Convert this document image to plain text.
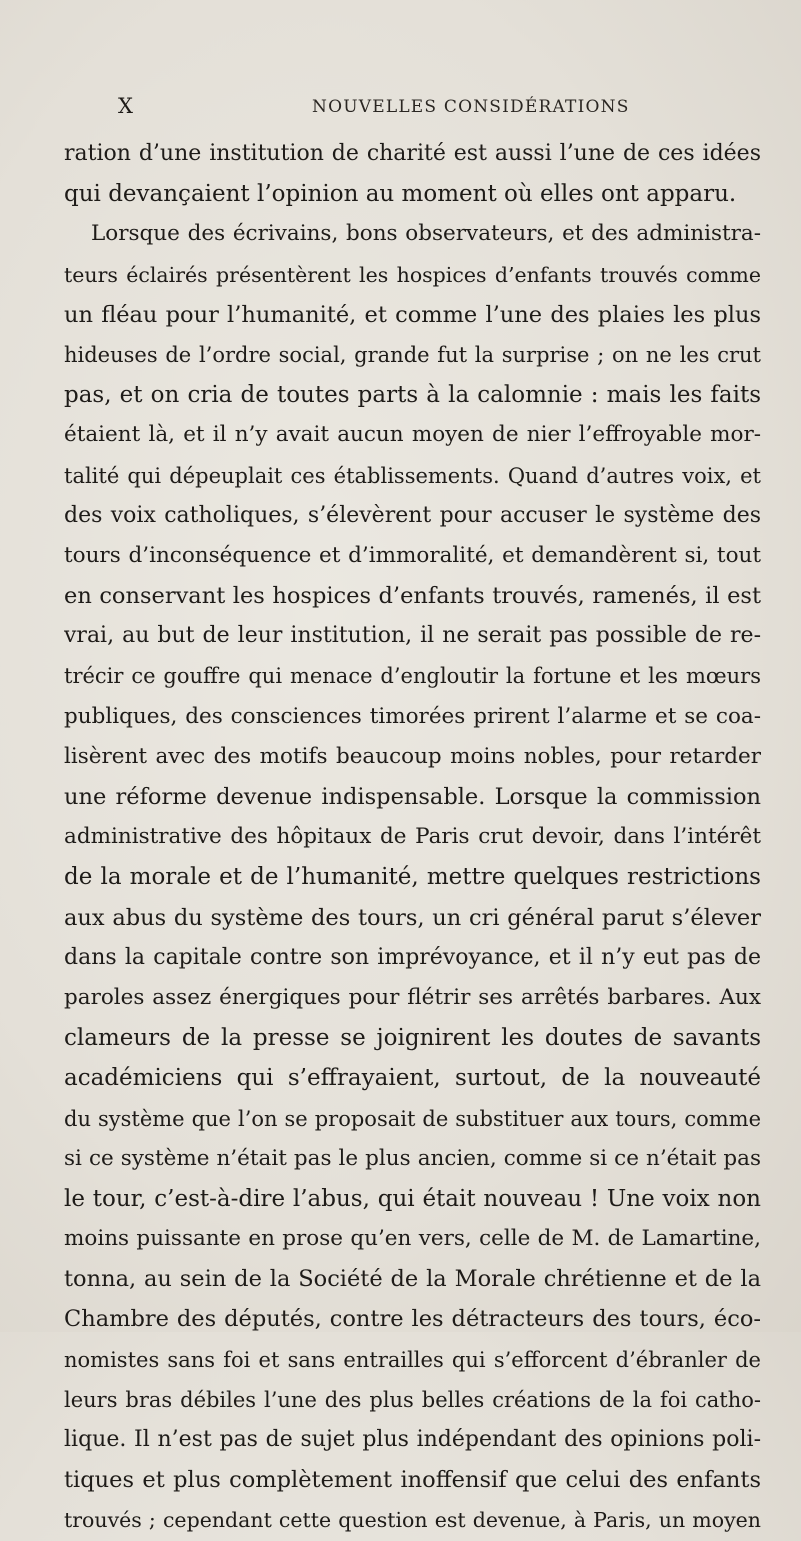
X	NOUVELLES CONSIDÉRATIONS
ration d’une institution de charité est aussi l’une de ces idées
qui devançaient l’opinion au moment où elles ont apparu.
Lorsque des écrivains, bons observateurs, et des administra-
teurs éclairés présentèrent les hospices d’enfants trouvés comme
un fléau pour l’humanité, et comme l’une des plaies les plus
hideuses de l’ordre social, grande fut la surprise ; on ne les crut
pas, et on cria de toutes parts à la calomnie : mais les faits
étaient là, et il n’y avait aucun moyen de nier l’effroyable mor-
talité qui dépeuplait ces établissements. Quand d’autres voix, et
des voix catholiques, s’élevèrent pour accuser le système des
tours d’inconséquence et d’immoralité, et demandèrent si, tout
en conservant les hospices d’enfants trouvés, ramenés, il est
vrai, au but de leur institution, il ne serait pas possible de re-
trécir ce gouffre qui menace d’engloutir la fortune et les mœurs
publiques, des consciences timorées prirent l’alarme et se coa-
lisèrent avec des motifs beaucoup moins nobles, pour retarder
une réforme devenue indispensable. Lorsque la commission
administrative des hôpitaux de Paris crut devoir, dans l’intérêt
de la morale et de l’humanité, mettre quelques restrictions
aux abus du système des tours, un cri général parut s’élever
dans la capitale contre son imprévoyance, et il n’y eut pas de
paroles assez énergiques pour flétrir ses arrêtés barbares. Aux
clameurs de la presse se joignirent les doutes de savants
académiciens qui s’effrayaient, surtout, de la nouveauté
du système que l’on se proposait de substituer aux tours, comme
si ce système n’était pas le plus ancien, comme si ce n’était pas
le tour, c’est-à-dire l’abus, qui était nouveau ! Une voix non
moins puissante en prose qu’en vers, celle de M. de Lamartine,
tonna, au sein de la Société de la Morale chrétienne et de la
Chambre des députés, contre les détracteurs des tours, éco-
nomistes sans foi et sans entrailles qui s’efforcent d’ébranler de
leurs bras débiles l’une des plus belles créations de la foi catho-
lique. Il n’est pas de sujet plus indépendant des opinions poli-
tiques et plus complètement inoffensif que celui des enfants
trouvés ; cependant cette question est devenue, à Paris, un moyen
